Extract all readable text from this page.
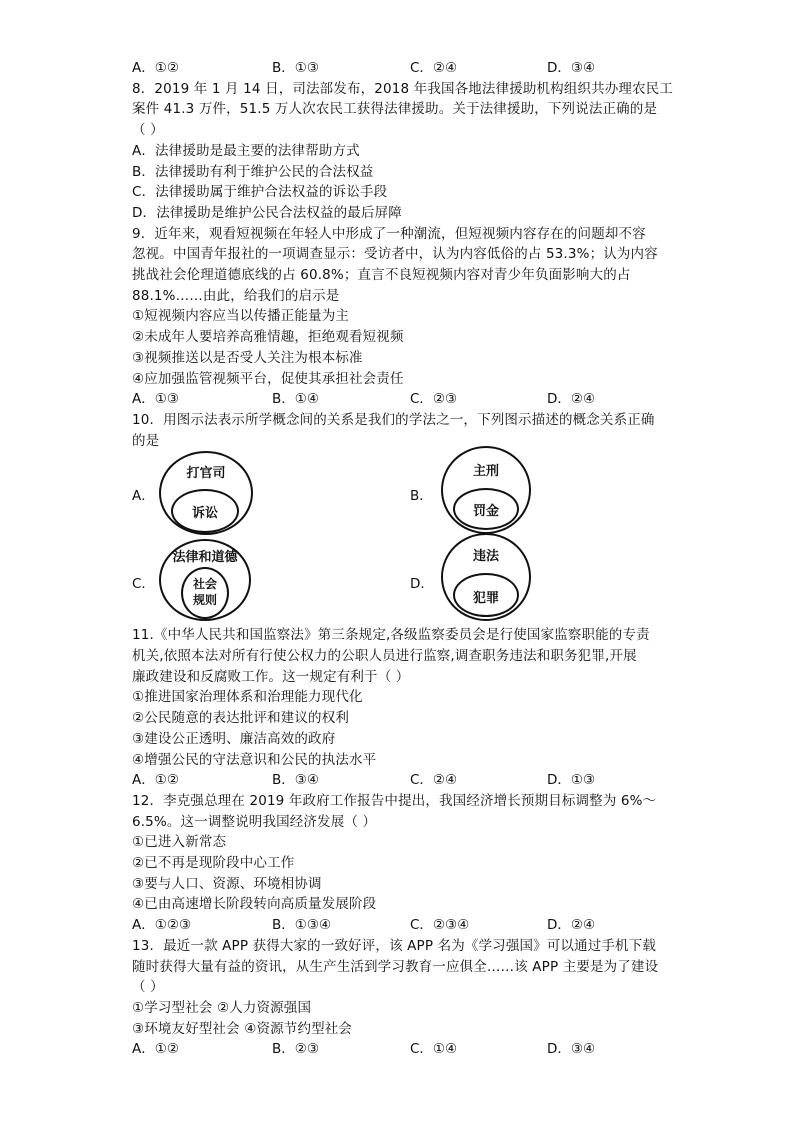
A．①②	B．①③	C．②④	D．③④
8．2019 年 1 月 14 日，司法部发布，2018 年我国各地法律援助机构组织共办理农民工
案件 41.3 万件，51.5 万人次农民工获得法律援助。关于法律援助，下列说法正确的是
（ ）
A．法律援助是最主要的法律帮助方式
B．法律援助有利于维护公民的合法权益
C．法律援助属于维护合法权益的诉讼手段
D．法律援助是维护公民合法权益的最后屏障
9．近年来，观看短视频在年轻人中形成了一种潮流，但短视频内容存在的问题却不容
忽视。中国青年报社的一项调查显示：受访者中，认为内容低俗的占 53.3%；认为内容
挑战社会伦理道德底线的占 60.8%；直言不良短视频内容对青少年负面影响大的占
88.1%……由此，给我们的启示是
①短视频内容应当以传播正能量为主
②未成年人要培养高雅情趣，拒绝观看短视频
③视频推送以是否受人关注为根本标准
④应加强监管视频平台，促使其承担社会责任
A．①③	B．①④	C．②③	D．②④
10．用图示法表示所学概念间的关系是我们的学法之一，下列图示描述的概念关系正确
的是
A．
打官司
诉讼
B．
主刑
罚金
C．
法律和道德
社会
规则
D．
违法
犯罪
11.《中华人民共和国监察法》第三条规定,各级监察委员会是行使国家监察职能的专责
机关,依照本法对所有行使公权力的公职人员进行监察,调查职务违法和职务犯罪,开展
廉政建设和反腐败工作。这一规定有利于（ ）
①推进国家治理体系和治理能力现代化
②公民随意的表达批评和建议的权利
③建设公正透明、廉洁高效的政府
④增强公民的守法意识和公民的执法水平
A．①②	B．③④	C．②④	D．①③
12．李克强总理在 2019 年政府工作报告中提出，我国经济增长预期目标调整为 6%～
6.5%。这一调整说明我国经济发展（ ）
①已进入新常态
②已不再是现阶段中心工作
③要与人口、资源、环境相协调
④已由高速增长阶段转向高质量发展阶段
A．①②③	B．①③④	C．②③④	D．②④
13．最近一款 APP 获得大家的一致好评，该 APP 名为《学习强国》可以通过手机下载
随时获得大量有益的资讯，从生产生活到学习教育一应俱全……该 APP 主要是为了建设
（ ）
①学习型社会 ②人力资源强国
③环境友好型社会 ④资源节约型社会
A．①②	B．②③	C．①④	D．③④
